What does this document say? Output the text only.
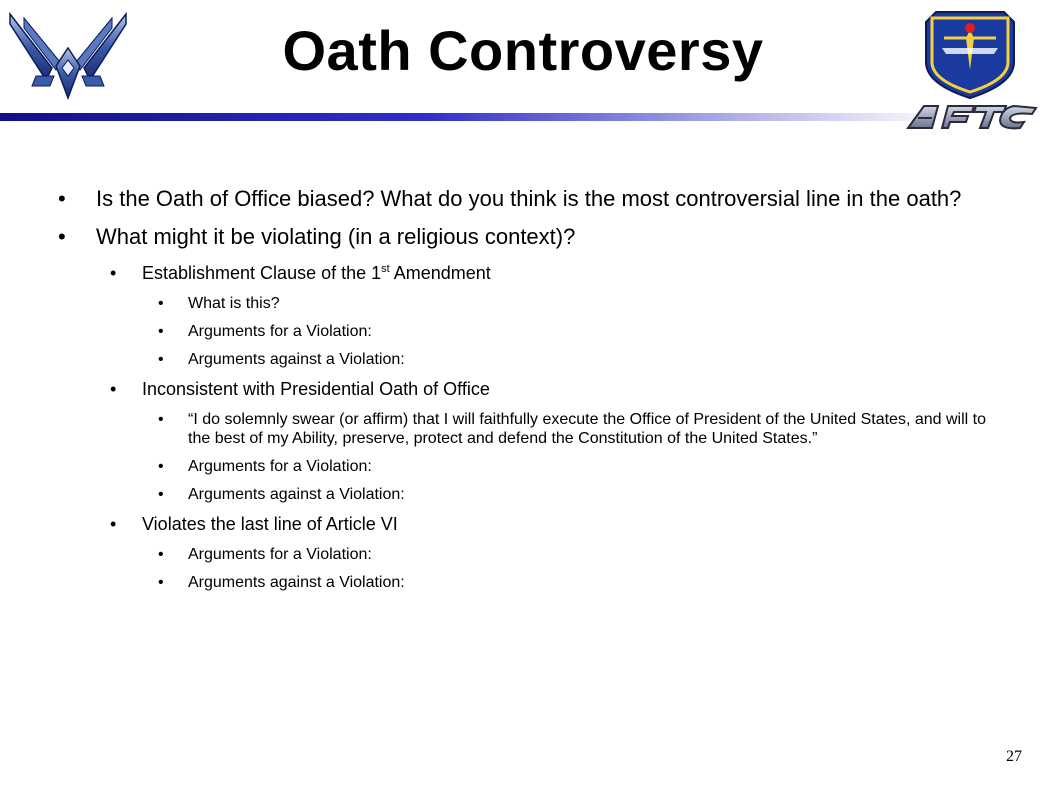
Oath Controversy
• Is the Oath of Office biased? What do you think is the most controversial line in the oath?
• What might it be violating (in a religious context)?
• Establishment Clause of the 1st Amendment
• What is this?
• Arguments for a Violation:
• Arguments against a Violation:
• Inconsistent with Presidential Oath of Office
• “I do solemnly swear (or affirm) that I will faithfully execute the Office of President of the United States, and will to the best of my Ability, preserve, protect and defend the Constitution of the United States.”
• Arguments for a Violation:
• Arguments against a Violation:
• Violates the last line of Article VI
• Arguments for a Violation:
• Arguments against a Violation:
27
